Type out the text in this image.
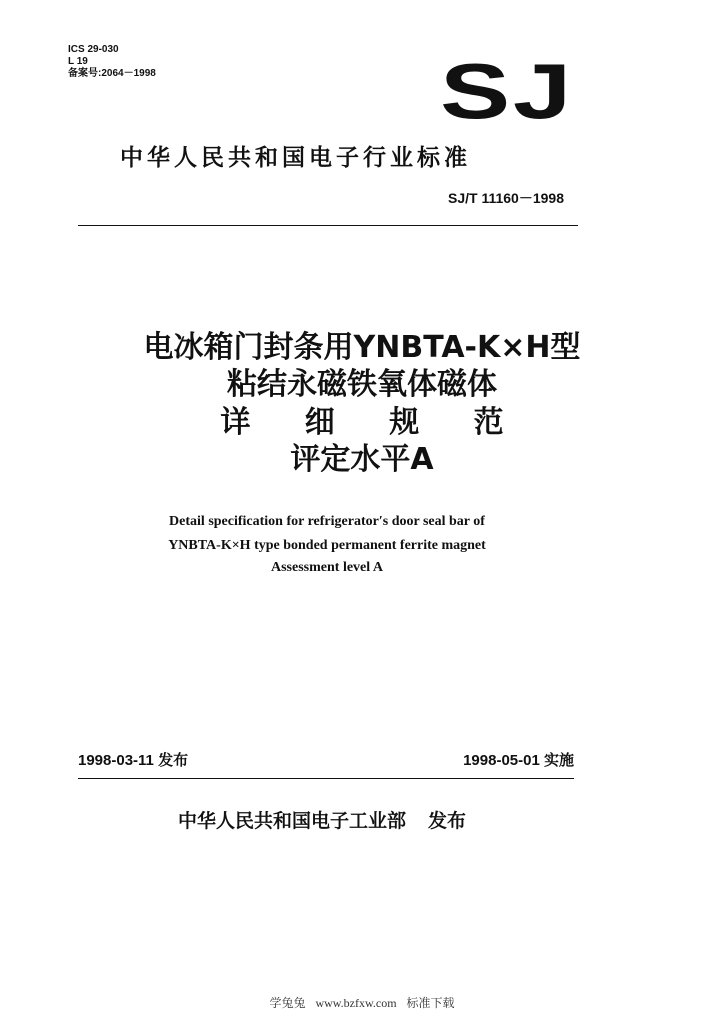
ICS 29-030
L 19
备案号:2064－1998	SJ
中华人民共和国电子行业标准
SJ/T 11160－1998
电冰箱门封条用YNBTA-K×H型
粘结永磁铁氧体磁体
详 细 规 范
评定水平A
Detail specification for refrigerator′s door seal bar of
YNBTA-K×H type bonded permanent ferrite magnet
Assessment level A
1998-03-11 发布	1998-05-01 实施
中华人民共和国电子工业部 发布
学兔兔 www.bzfxw.com 标准下载
